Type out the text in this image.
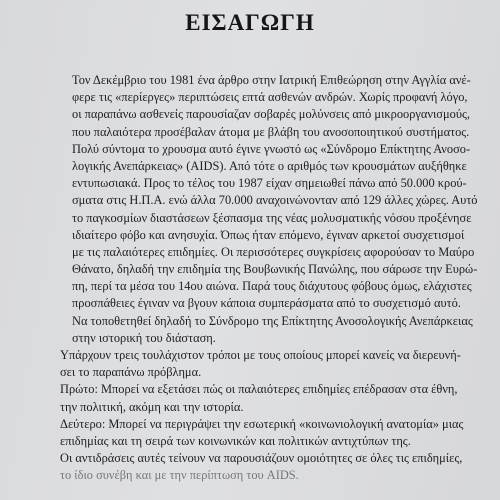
ΕΙΣΑΓΩΓΗ
Τον Δεκέμβριο του 1981 ένα άρθρο στην Ιατρική Επιθεώρηση στην Αγγλία ανέ-
φερε τις «περίεργες» περιπτώσεις επτά ασθενών ανδρών. Χωρίς προφανή λόγο,
οι παραπάνω ασθενείς παρουσίαζαν σοβαρές μολύνσεις από μικροοργανισμούς,
που παλαιότερα προσέβαλαν άτομα με βλάβη του ανοσοποιητικού συστήματος.
Πολύ σύντομα το χρουσμα αυτό έγινε γνωστό ως «Σύνδρομο Επίκτητης Ανοσο-
λογικής Ανεπάρκειας» (AIDS). Από τότε ο αριθμός των κρουσμάτων αυξήθηκε
εντυπωσιακά. Προς το τέλος του 1987 είχαν σημειωθεί πάνω από 50.000 κρού-
σματα στις Η.Π.Α. ενώ άλλα 70.000 αναχοινώνονταν από 129 άλλες χώρες. Αυτό
το παγκοσμίων διαστάσεων ξέσπασμα της νέας μολυσματικής νόσου προξένησε
ιδιαίτερο φόβο και ανησυχία. Όπως ήταν επόμενο, έγιναν αρκετοί συσχετισμοί
με τις παλαιότερες επιδημίες. Οι περισσότερες συγκρίσεις αφορούσαν το Μαύρο
Θάνατο, δηλαδή την επιδημία της Βουβωνικής Πανώλης, που σάρωσε την Ευρώ-
πη, περί τα μέσα του 14ου αιώνα. Παρά τους διάχυτους φόβους όμως, ελάχιστες
προσπάθειες έγιναν να βγουν κάποια συμπεράσματα από το συσχετισμό αυτό.
Να τοποθετηθεί δηλαδή το Σύνδρομο της Επίκτητης Ανοσολογικής Ανεπάρκειας
στην ιστορική του διάσταση.
Υπάρχουν τρεις τουλάχιστον τρόποι με τους οποίους μπορεί κανείς να διερευνή-
σει το παραπάνω πρόβλημα.
Πρώτο: Μπορεί να εξετάσει πώς οι παλαιότερες επιδημίες επέδρασαν στα έθνη,
την πολιτική, ακόμη και την ιστορία.
Δεύτερο: Μπορεί να περιγράψει την εσωτερική «κοινωνιολογική ανατομία» μιας
επιδημίας και τη σειρά των κοινωνικών και πολιτικών αντιχτύπων της.
Οι αντιδράσεις αυτές τείνουν να παρουσιάζουν ομοιότητες σε όλες τις επιδημίες,
το ίδιο συνέβη και με την περίπτωση του AIDS.
